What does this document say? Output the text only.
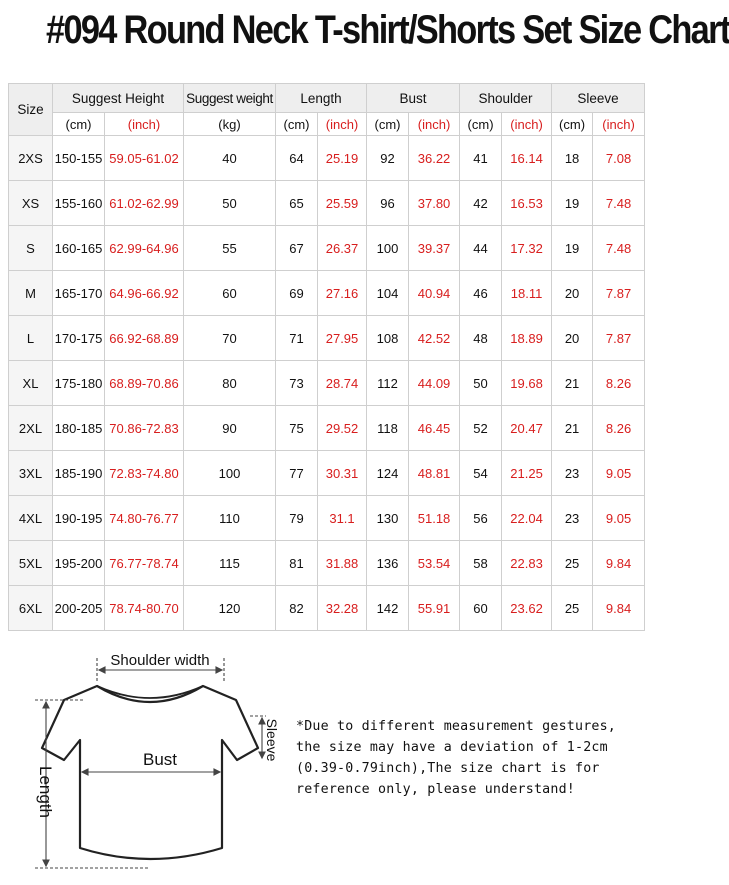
#094 Round Neck T-shirt/Shorts Set Size Chart
Size	Suggest Height		Suggest weight	Length		Bust		Shoulder		Sleeve	
	(cm)	(inch)	(kg)	(cm)	(inch)	(cm)	(inch)	(cm)	(inch)	(cm)	(inch)
2XS	150-155	59.05-61.02	40	64	25.19	92	36.22	41	16.14	18	7.08
XS	155-160	61.02-62.99	50	65	25.59	96	37.80	42	16.53	19	7.48
S	160-165	62.99-64.96	55	67	26.37	100	39.37	44	17.32	19	7.48
M	165-170	64.96-66.92	60	69	27.16	104	40.94	46	18.11	20	7.87
L	170-175	66.92-68.89	70	71	27.95	108	42.52	48	18.89	20	7.87
XL	175-180	68.89-70.86	80	73	28.74	112	44.09	50	19.68	21	8.26
2XL	180-185	70.86-72.83	90	75	29.52	118	46.45	52	20.47	21	8.26
3XL	185-190	72.83-74.80	100	77	30.31	124	48.81	54	21.25	23	9.05
4XL	190-195	74.80-76.77	110	79	31.1	130	51.18	56	22.04	23	9.05
5XL	195-200	76.77-78.74	115	81	31.88	136	53.54	58	22.83	25	9.84
6XL	200-205	78.74-80.70	120	82	32.28	142	55.91	60	23.62	25	9.84
Shoulder width
Bust	Sleeve
Length
*Due to different measurement gestures,
the size may have a deviation of 1-2cm
(0.39-0.79inch),The size chart is for
reference only, please understand!
